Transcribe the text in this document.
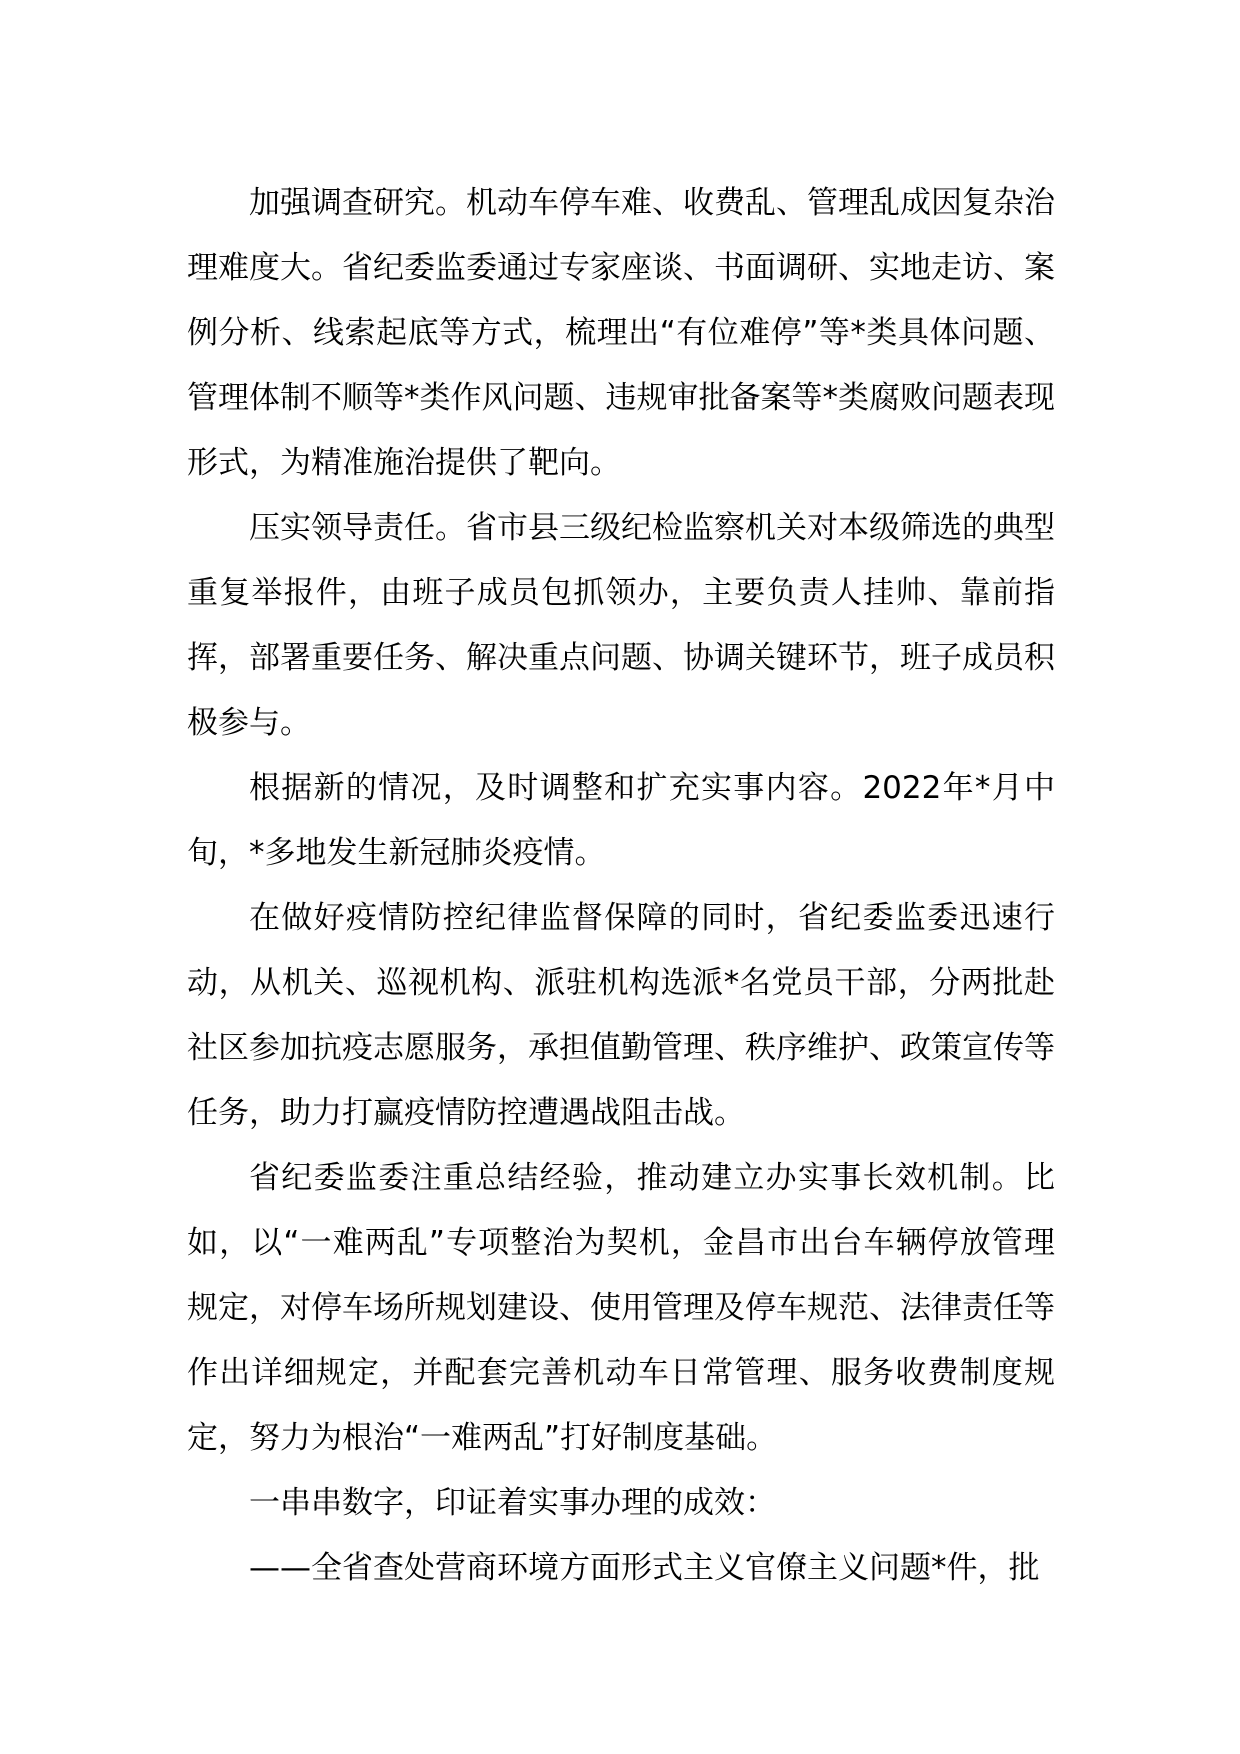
加强调查研究。机动车停车难、收费乱、管理乱成因复杂治理难度大。省纪委监委通过专家座谈、书面调研、实地走访、案例分析、线索起底等方式，梳理出“有位难停”等*类具体问题、管理体制不顺等*类作风问题、违规审批备案等*类腐败问题表现形式，为精准施治提供了靶向。

压实领导责任。省市县三级纪检监察机关对本级筛选的典型重复举报件，由班子成员包抓领办，主要负责人挂帅、靠前指挥，部署重要任务、解决重点问题、协调关键环节，班子成员积极参与。

根据新的情况，及时调整和扩充实事内容。2022年*月中旬，*多地发生新冠肺炎疫情。

在做好疫情防控纪律监督保障的同时，省纪委监委迅速行动，从机关、巡视机构、派驻机构选派*名党员干部，分两批赴社区参加抗疫志愿服务，承担值勤管理、秩序维护、政策宣传等任务，助力打赢疫情防控遭遇战阻击战。

省纪委监委注重总结经验，推动建立办实事长效机制。比如，以“一难两乱”专项整治为契机，金昌市出台车辆停放管理规定，对停车场所规划建设、使用管理及停车规范、法律责任等作出详细规定，并配套完善机动车日常管理、服务收费制度规定，努力为根治“一难两乱”打好制度基础。

一串串数字，印证着实事办理的成效：

——全省查处营商环境方面形式主义官僚主义问题*件，批
